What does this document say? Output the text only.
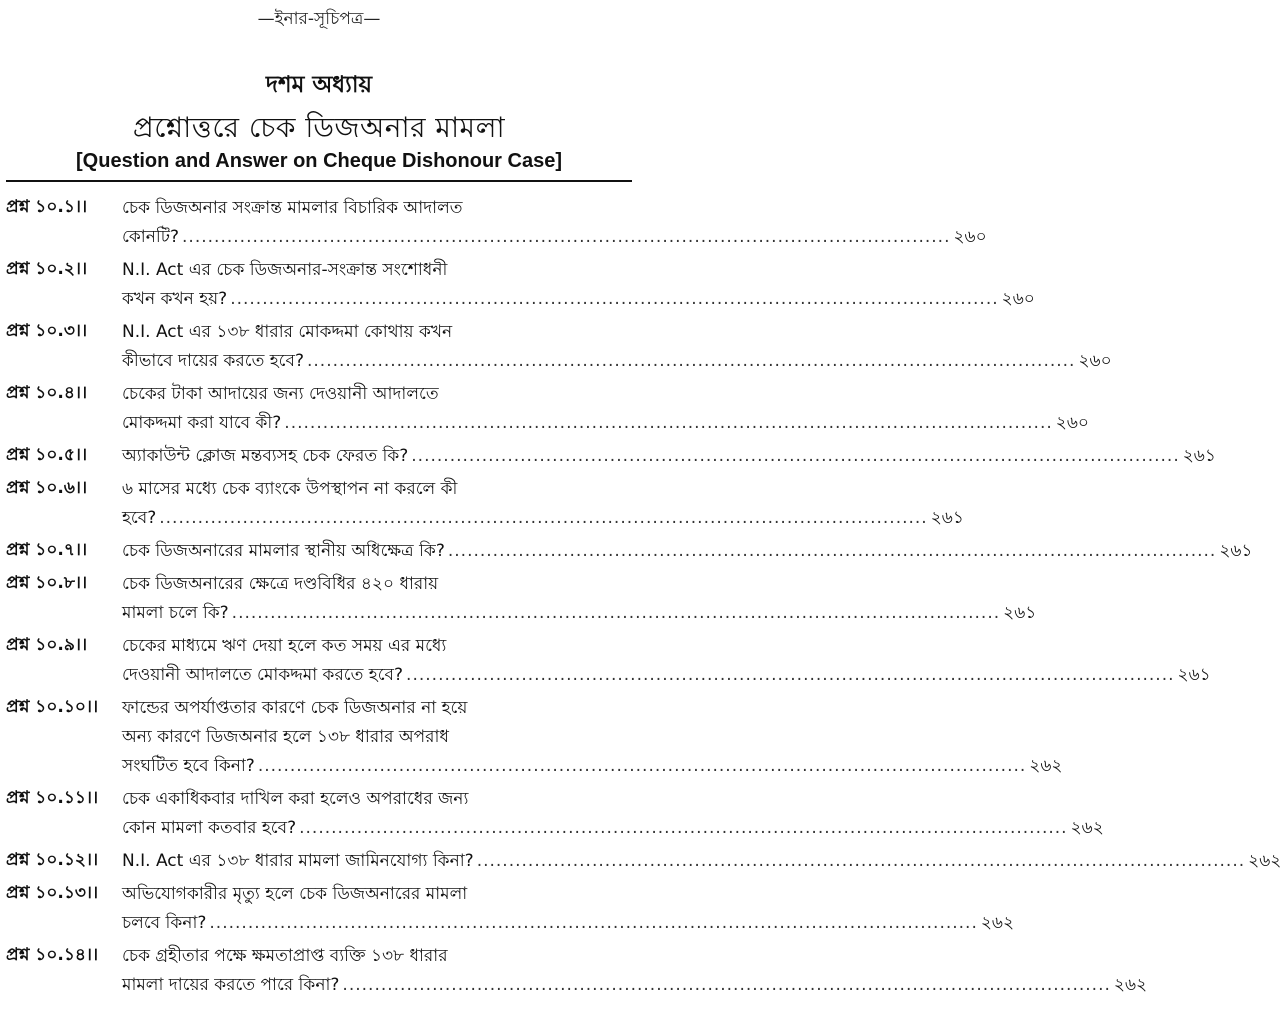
—ইনার-সূচিপত্র—
দশম অধ্যায়
প্রশ্নোত্তরে চেক ডিজঅনার মামলা
[Question and Answer on Cheque Dishonour Case]
প্রশ্ন ১০.১।। চেক ডিজঅনার সংক্রান্ত মামলার বিচারিক আদালত
কোনটি? ........................................................................................................................ ২৬০
প্রশ্ন ১০.২।। N.I. Act এর চেক ডিজঅনার-সংক্রান্ত সংশোধনী
কখন কখন হয়? ........................................................................................................................ ২৬০
প্রশ্ন ১০.৩।। N.I. Act এর ১৩৮ ধারার মোকদ্দমা কোথায় কখন
কীভাবে দায়ের করতে হবে? ........................................................................................................................ ২৬০
প্রশ্ন ১০.৪।। চেকের টাকা আদায়ের জন্য দেওয়ানী আদালতে
মোকদ্দমা করা যাবে কী? ........................................................................................................................ ২৬০
প্রশ্ন ১০.৫।। অ্যাকাউন্ট ক্লোজ মন্তব্যসহ চেক ফেরত কি? ........................................................................................................................ ২৬১
প্রশ্ন ১০.৬।। ৬ মাসের মধ্যে চেক ব্যাংকে উপস্থাপন না করলে কী
হবে? ........................................................................................................................ ২৬১
প্রশ্ন ১০.৭।। চেক ডিজঅনারের মামলার স্থানীয় অধিক্ষেত্র কি? ........................................................................................................................ ২৬১
প্রশ্ন ১০.৮।। চেক ডিজঅনারের ক্ষেত্রে দণ্ডবিধির ৪২০ ধারায়
মামলা চলে কি? ........................................................................................................................ ২৬১
প্রশ্ন ১০.৯।। চেকের মাধ্যমে ঋণ দেয়া হলে কত সময় এর মধ্যে
দেওয়ানী আদালতে মোকদ্দমা করতে হবে? ........................................................................................................................ ২৬১
প্রশ্ন ১০.১০।। ফান্ডের অপর্যাপ্ততার কারণে চেক ডিজঅনার না হয়ে
অন্য কারণে ডিজঅনার হলে ১৩৮ ধারার অপরাধ
সংঘটিত হবে কিনা? ........................................................................................................................ ২৬২
প্রশ্ন ১০.১১।। চেক একাধিকবার দাখিল করা হলেও অপরাধের জন্য
কোন মামলা কতবার হবে? ........................................................................................................................ ২৬২
প্রশ্ন ১০.১২।। N.I. Act এর ১৩৮ ধারার মামলা জামিনযোগ্য কিনা? ........................................................................................................................ ২৬২
প্রশ্ন ১০.১৩।। অভিযোগকারীর মৃত্যু হলে চেক ডিজঅনারের মামলা
চলবে কিনা? ........................................................................................................................ ২৬২
প্রশ্ন ১০.১৪।। চেক গ্রহীতার পক্ষে ক্ষমতাপ্রাপ্ত ব্যক্তি ১৩৮ ধারার
মামলা দায়ের করতে পারে কিনা? ........................................................................................................................ ২৬২
